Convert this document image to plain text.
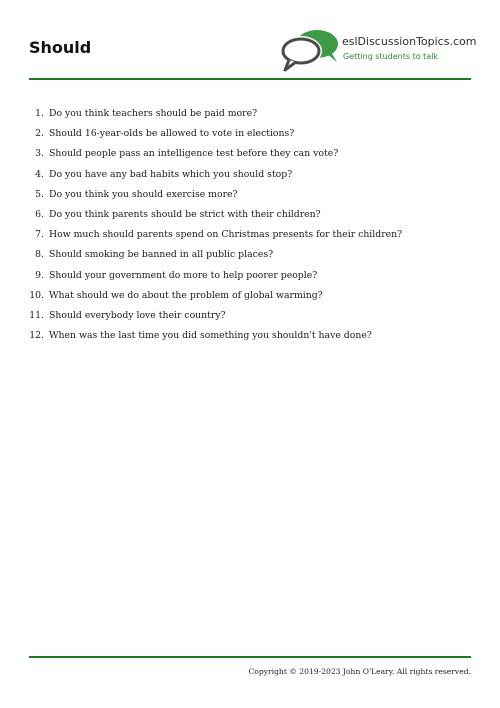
Should	eslDiscussionTopics.com
Getting students to talk
1. Do you think teachers should be paid more?
2. Should 16-year-olds be allowed to vote in elections?
3. Should people pass an intelligence test before they can vote?
4. Do you have any bad habits which you should stop?
5. Do you think you should exercise more?
6. Do you think parents should be strict with their children?
7. How much should parents spend on Christmas presents for their children?
8. Should smoking be banned in all public places?
9. Should your government do more to help poorer people?
10. What should we do about the problem of global warming?
11. Should everybody love their country?
12. When was the last time you did something you shouldn't have done?
Copyright © 2019-2023 John O'Leary. All rights reserved.
